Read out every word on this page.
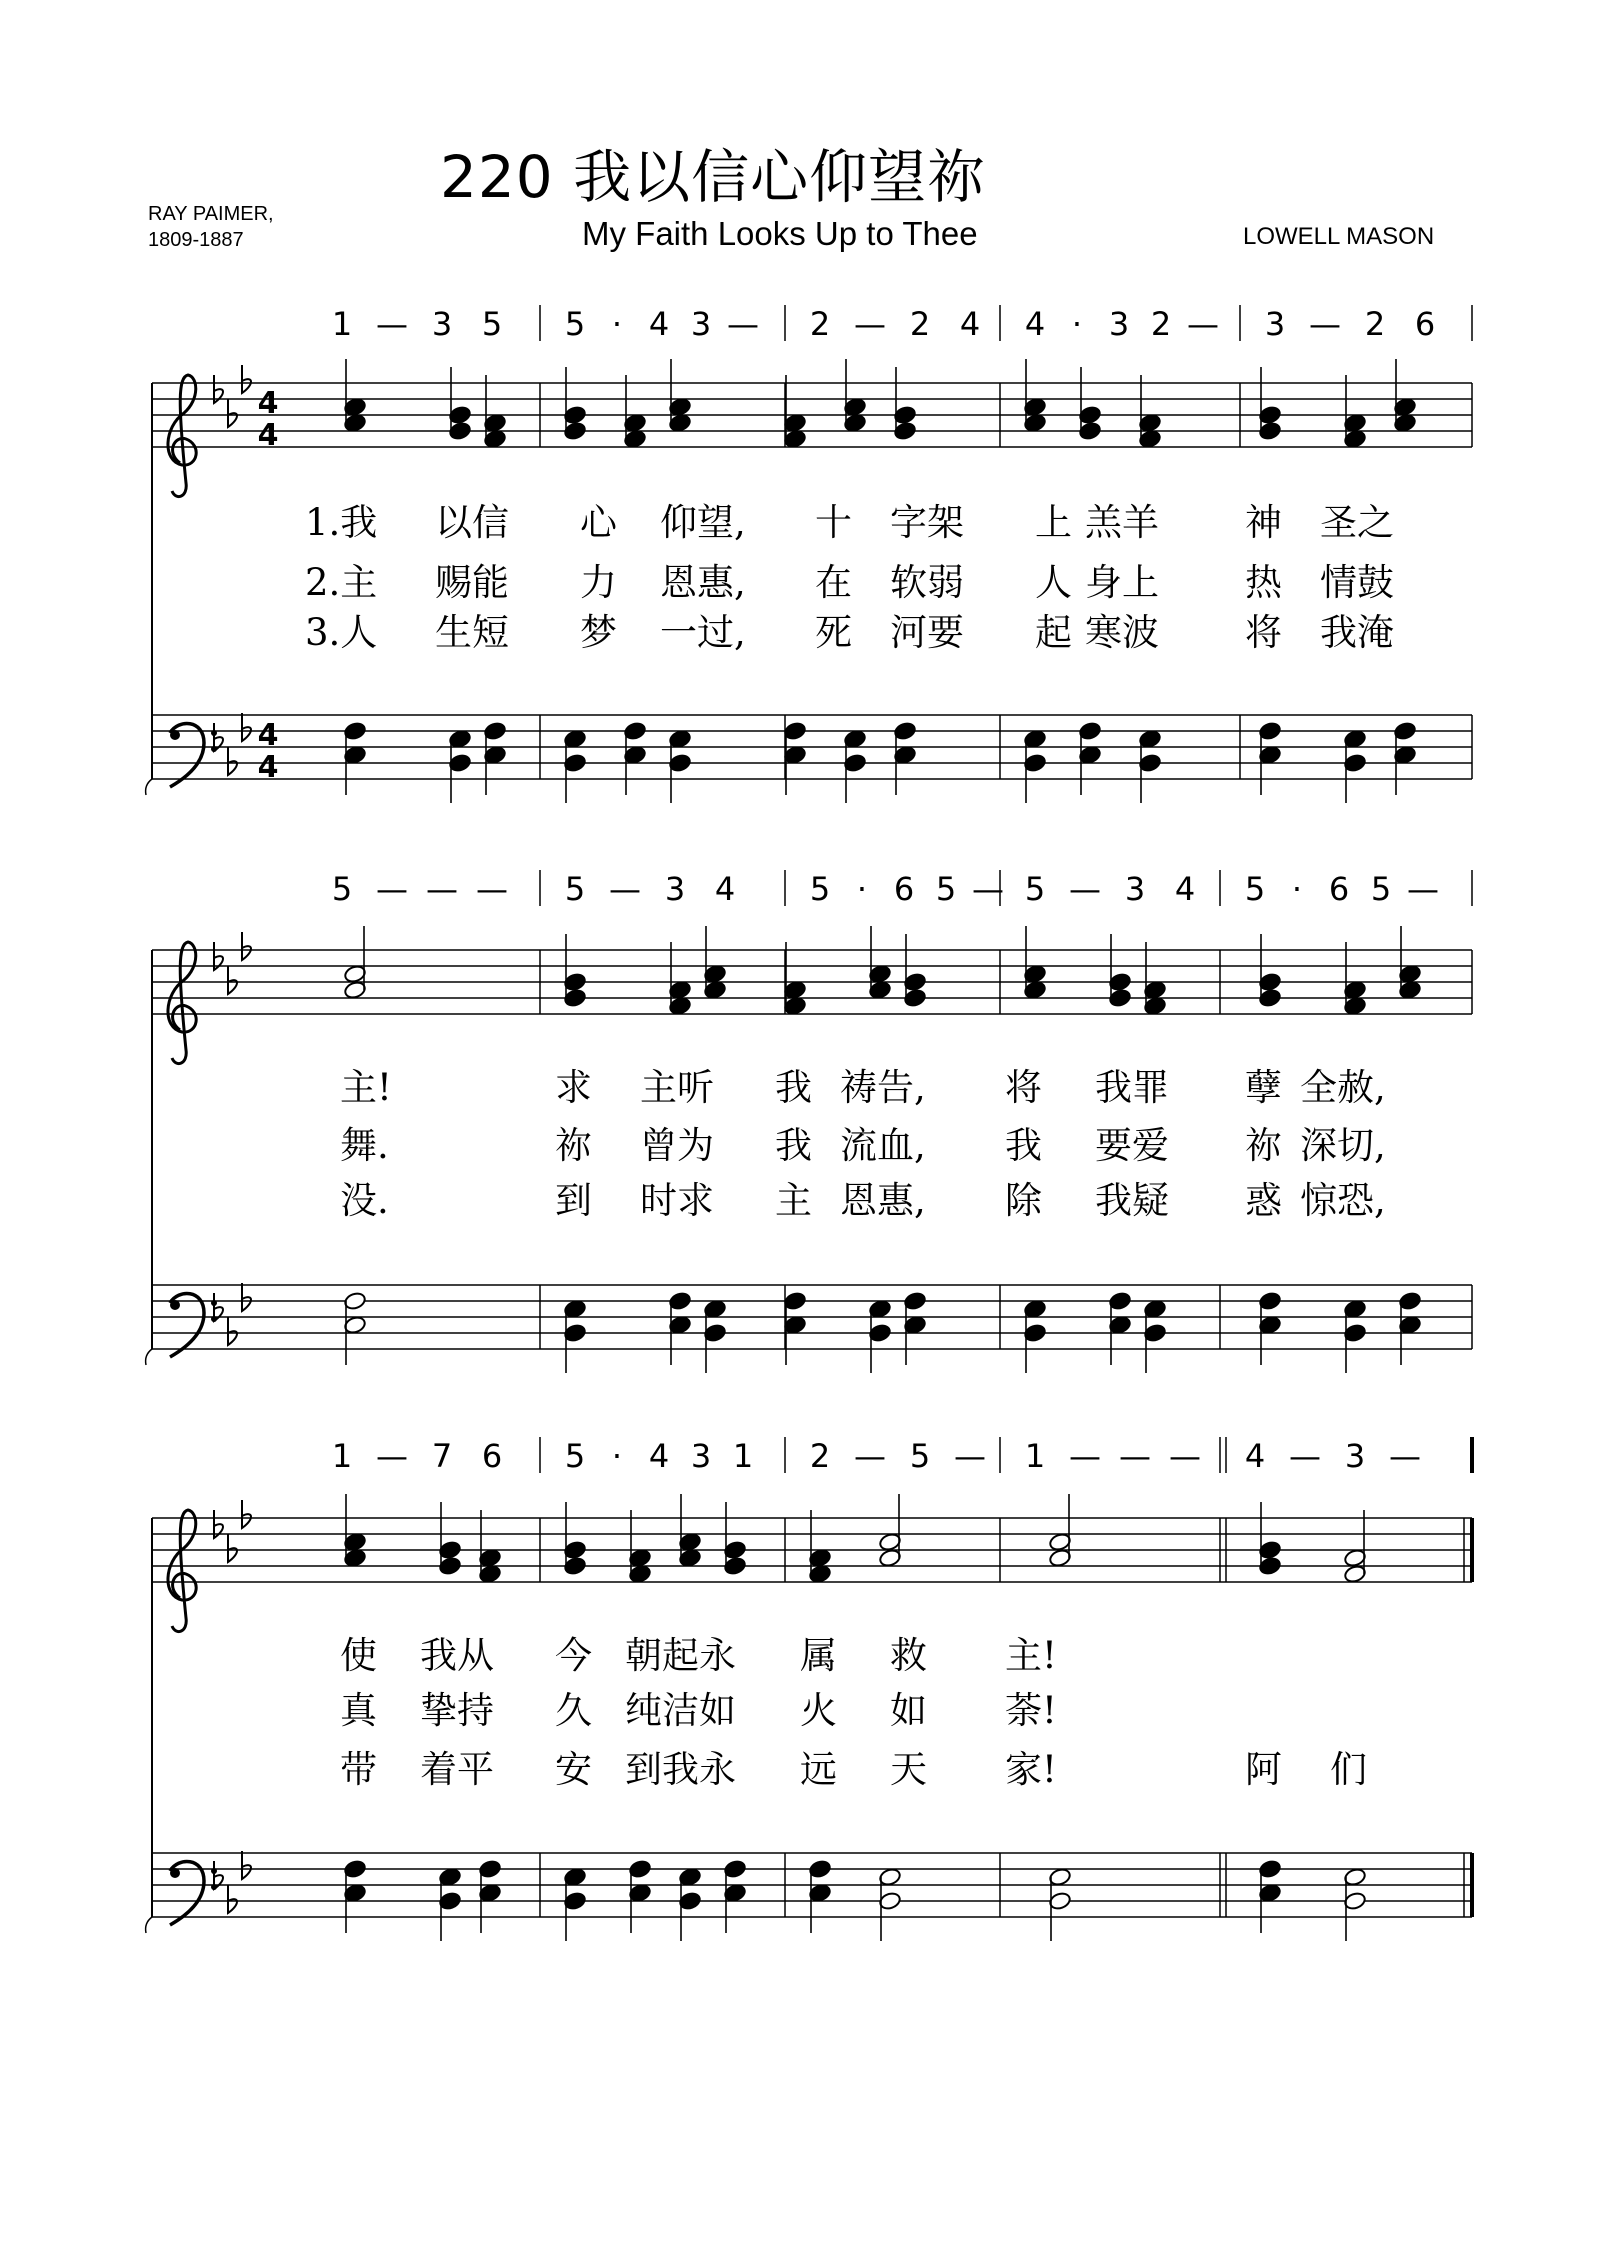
220 我以信心仰望祢
My Faith Looks Up to Thee
RAY PAIMER,
1809-1887	LOWELL MASON
4
4
4
4
1 — 3 5 5 · 4 3 — 2 — 2 4 4 · 3 2 — 3 — 2 6
1.我 以信 心 仰望, 十 字架 上 羔羊 神 圣之
2.主 赐能 力 恩惠, 在 软弱 人 身上 热 情鼓
3.人 生短 梦 一过, 死 河要 起 寒波 将 我淹
5 — — — 5 — 3 4 5 · 6 5 — 5 — 3 4 5 · 6 5 —
主!	求 主听 我 祷告, 将 我罪 孽 全赦,
舞.	祢 曾为 我 流血, 我 要爱 祢 深切,
没.	到 时求 主 恩惠, 除 我疑 惑 惊恐,
1 — 7 6 5 · 4 3 1 2 — 5 — 1 — — — 4 — 3 —
使 我从 今 朝起永 属 救 主!
真 挚持 久 纯洁如 火 如 荼!
带 着平 安 到我永 远 天 家!	阿 们
